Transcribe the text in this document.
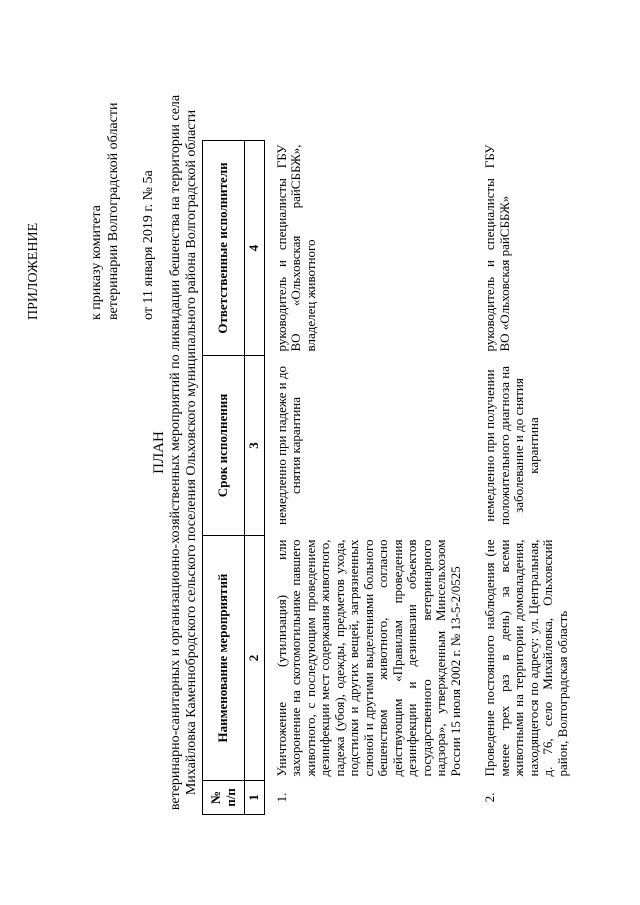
ПРИЛОЖЕНИЕ	к приказу комитета ветеринарии Волгоградской области от 11 января 2019 г. № 5а
ПЛАН ветеринарно-санитарных и организационно-хозяйственных мероприятий по ликвидации бешенства на территории села Михайловка Каменнобродского сельского поселения Ольховского муниципального района Волгоградской области
№ п/п	Наименование мероприятий	Срок исполнения	Ответственные исполнители
1	2	3	4
1.	Уничтожение (утилизация) или захоронение на скотомогильнике павшего животного, с последующим проведением дезинфекции мест содержания животного, падежа (убоя), одежды, предметов ухода, подстилки и других вещей, загрязненных слюной и другими выделениями больного бешенством животного, согласно действующим «Правилам проведения дезинфекции и дезинвазии объектов государственного ветеринарного надзора», утвержденным Минсельхозом России 15 июля 2002 г. № 13-5-2/0525	немедленно при падеже и до снятия карантина	руководитель и специалисты ГБУ ВО «Ольховская райСББЖ», владелец животного
2.	Проведение постоянного наблюдения (не менее трех раз в день) за всеми животными на территории домовладения, находящегося по адресу: ул. Центральная, д. 76, село Михайловка, Ольховский район, Волгоградская область	немедленно при получении положительного диагноза на заболевание и до снятия карантина	руководитель и специалисты ГБУ ВО «Ольховская райСББЖ»
